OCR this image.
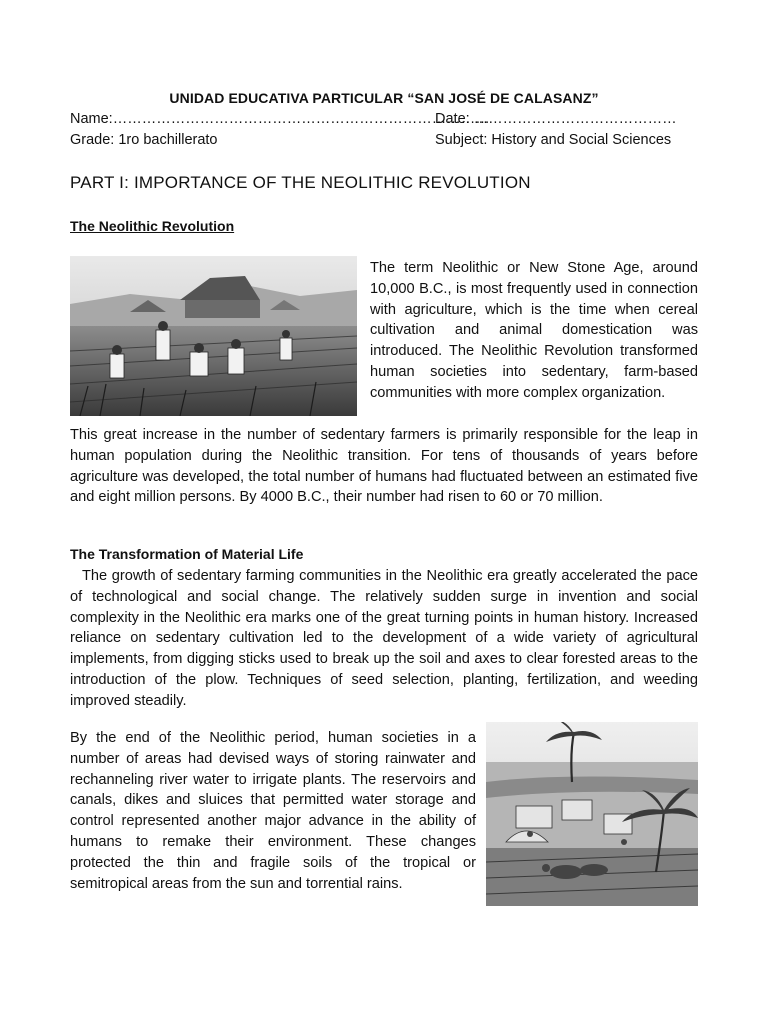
UNIDAD EDUCATIVA PARTICULAR “SAN JOSÉ DE CALASANZ”
Name:……………………………………………………………………
Date: ……………………………………
Grade: 1ro bachillerato	Subject: History and Social Sciences
PART I: IMPORTANCE OF THE NEOLITHIC REVOLUTION
The Neolithic Revolution

The term Neolithic or New Stone Age, around 10,000 B.C., is most frequently used in connection with agriculture, which is the time when cereal cultivation and animal domestication was introduced. The Neolithic Revolution transformed human societies into sedentary, farm-based communities with more complex organization.

This great increase in the number of sedentary farmers is primarily responsible for the leap in human population during the Neolithic transition. For tens of thousands of years before agriculture was developed, the total number of humans had fluctuated between an estimated five and eight million persons. By 4000 B.C., their number had risen to 60 or 70 million.

The Transformation of Material Life

The growth of sedentary farming communities in the Neolithic era greatly accelerated the pace of technological and social change. The relatively sudden surge in invention and social complexity in the Neolithic era marks one of the great turning points in human history. Increased reliance on sedentary cultivation led to the development of a wide variety of agricultural implements, from digging sticks used to break up the soil and axes to clear forested areas to the introduction of the plow. Techniques of seed selection, planting, fertilization, and weeding improved steadily.

By the end of the Neolithic period, human societies in a number of areas had devised ways of storing rainwater and rechanneling river water to irrigate plants. The reservoirs and canals, dikes and sluices that permitted water storage and control represented another major advance in the ability of humans to remake their environment. These changes protected the thin and fragile soils of the tropical or semitropical areas from the sun and torrential rains.
